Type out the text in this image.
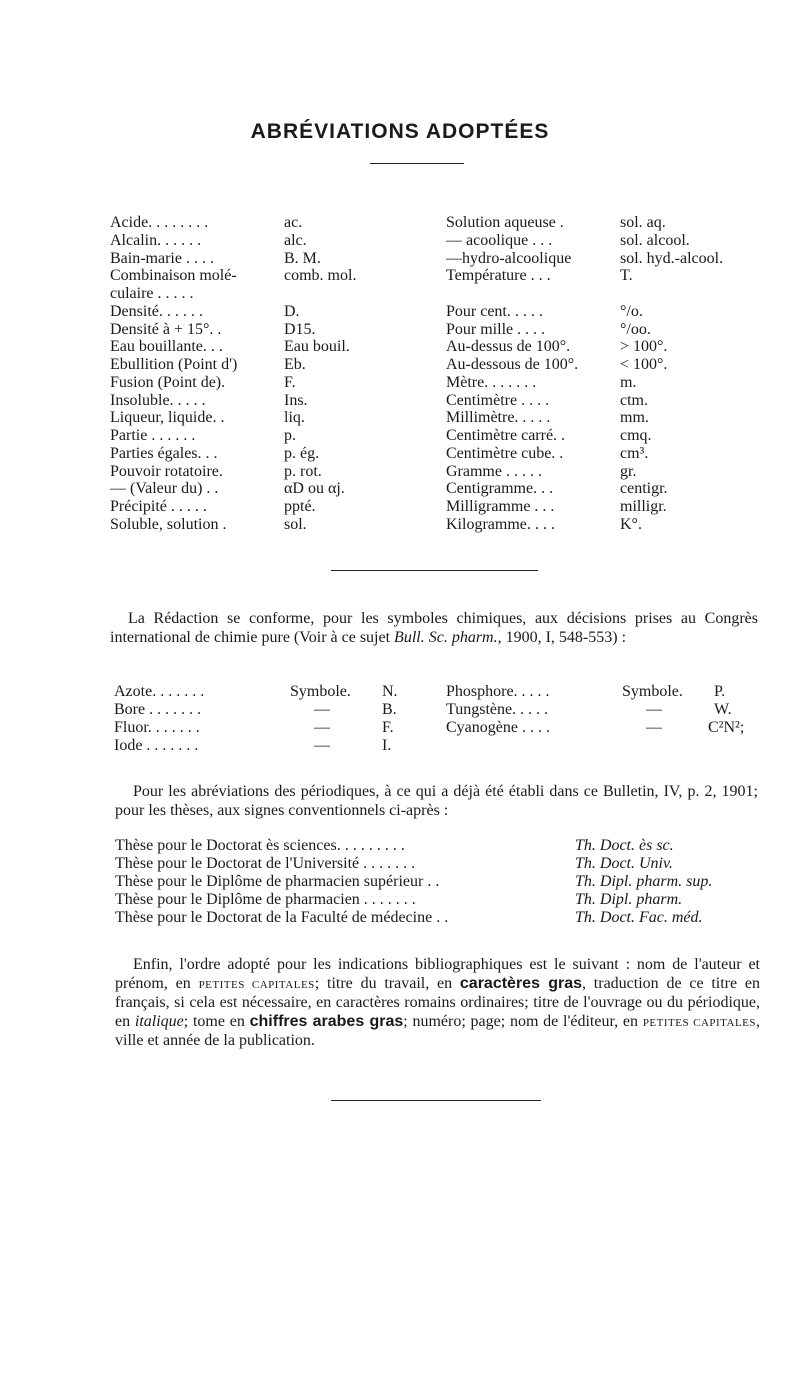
ABRÉVIATIONS ADOPTÉES
Acide. . . . . . . .	ac.
Alcalin. . . . . .	alc.
Bain-marie . . . .	B. M.
Combinaison molé-	comb. mol.
culaire . . . . .
Densité. . . . . .	D.
Densité à + 15°. .	D15.
Eau bouillante. . .	Eau bouil.
Ebullition (Point d')	Eb.
Fusion (Point de).	F.
Insoluble. . . . .	Ins.
Liqueur, liquide. .	liq.
Partie . . . . . .	p.
Parties égales. . .	p. ég.
Pouvoir rotatoire.	p. rot.
— (Valeur du) . .	αD ou αj.
Précipité . . . . .	ppté.
Soluble, solution .	sol.
Solution aqueuse .	sol. aq.
— acoolique . . .	sol. alcool.
—hydro-alcoolique	sol. hyd.-alcool.
Température . . .	T.
Pour cent. . . . .	°/o.
Pour mille . . . .	°/oo.
Au-dessus de 100°.	> 100°.
Au-dessous de 100°.	< 100°.
Mètre. . . . . . .	m.
Centimètre . . . .	ctm.
Millimètre. . . . .	mm.
Centimètre carré. .	cmq.
Centimètre cube. .	cm³.
Gramme . . . . .	gr.
Centigramme. . .	centigr.
Milligramme . . .	milligr.
Kilogramme. . . .	K°.
La Rédaction se conforme, pour les symboles chimiques, aux décisions prises au Congrès international de chimie pure (Voir à ce sujet Bull. Sc. pharm., 1900, I, 548-553) :
Azote. . . . . . .	Symbole. N.
Bore . . . . . . .	—	B.
Fluor. . . . . . .	—	F.
Iode . . . . . . .	—	I.
Phosphore. . . . .	Symbole. P.
Tungstène. . . . .	—	W.
Cyanogène . . . .	—	C²N²;
Pour les abréviations des périodiques, à ce qui a déjà été établi dans ce Bulletin, IV, p. 2, 1901; pour les thèses, aux signes conventionnels ci-après :
Thèse pour le Doctorat ès sciences. . . . . . . . .	Th. Doct. ès sc.
Thèse pour le Doctorat de l'Université . . . . . . .	Th. Doct. Univ.
Thèse pour le Diplôme de pharmacien supérieur . .	Th. Dipl. pharm. sup.
Thèse pour le Diplôme de pharmacien . . . . . . .	Th. Dipl. pharm.
Thèse pour le Doctorat de la Faculté de médecine . .	Th. Doct. Fac. méd.
Enfin, l'ordre adopté pour les indications bibliographiques est le suivant : nom de l'auteur et prénom, en PETITES CAPITALES; titre du travail, en caractères gras, traduction de ce titre en français, si cela est nécessaire, en caractères romains ordinaires; titre de l'ouvrage ou du périodique, en italique; tome en chiffres arabes gras; numéro; page; nom de l'éditeur, en PETITES CAPITALES, ville et année de la publication.
